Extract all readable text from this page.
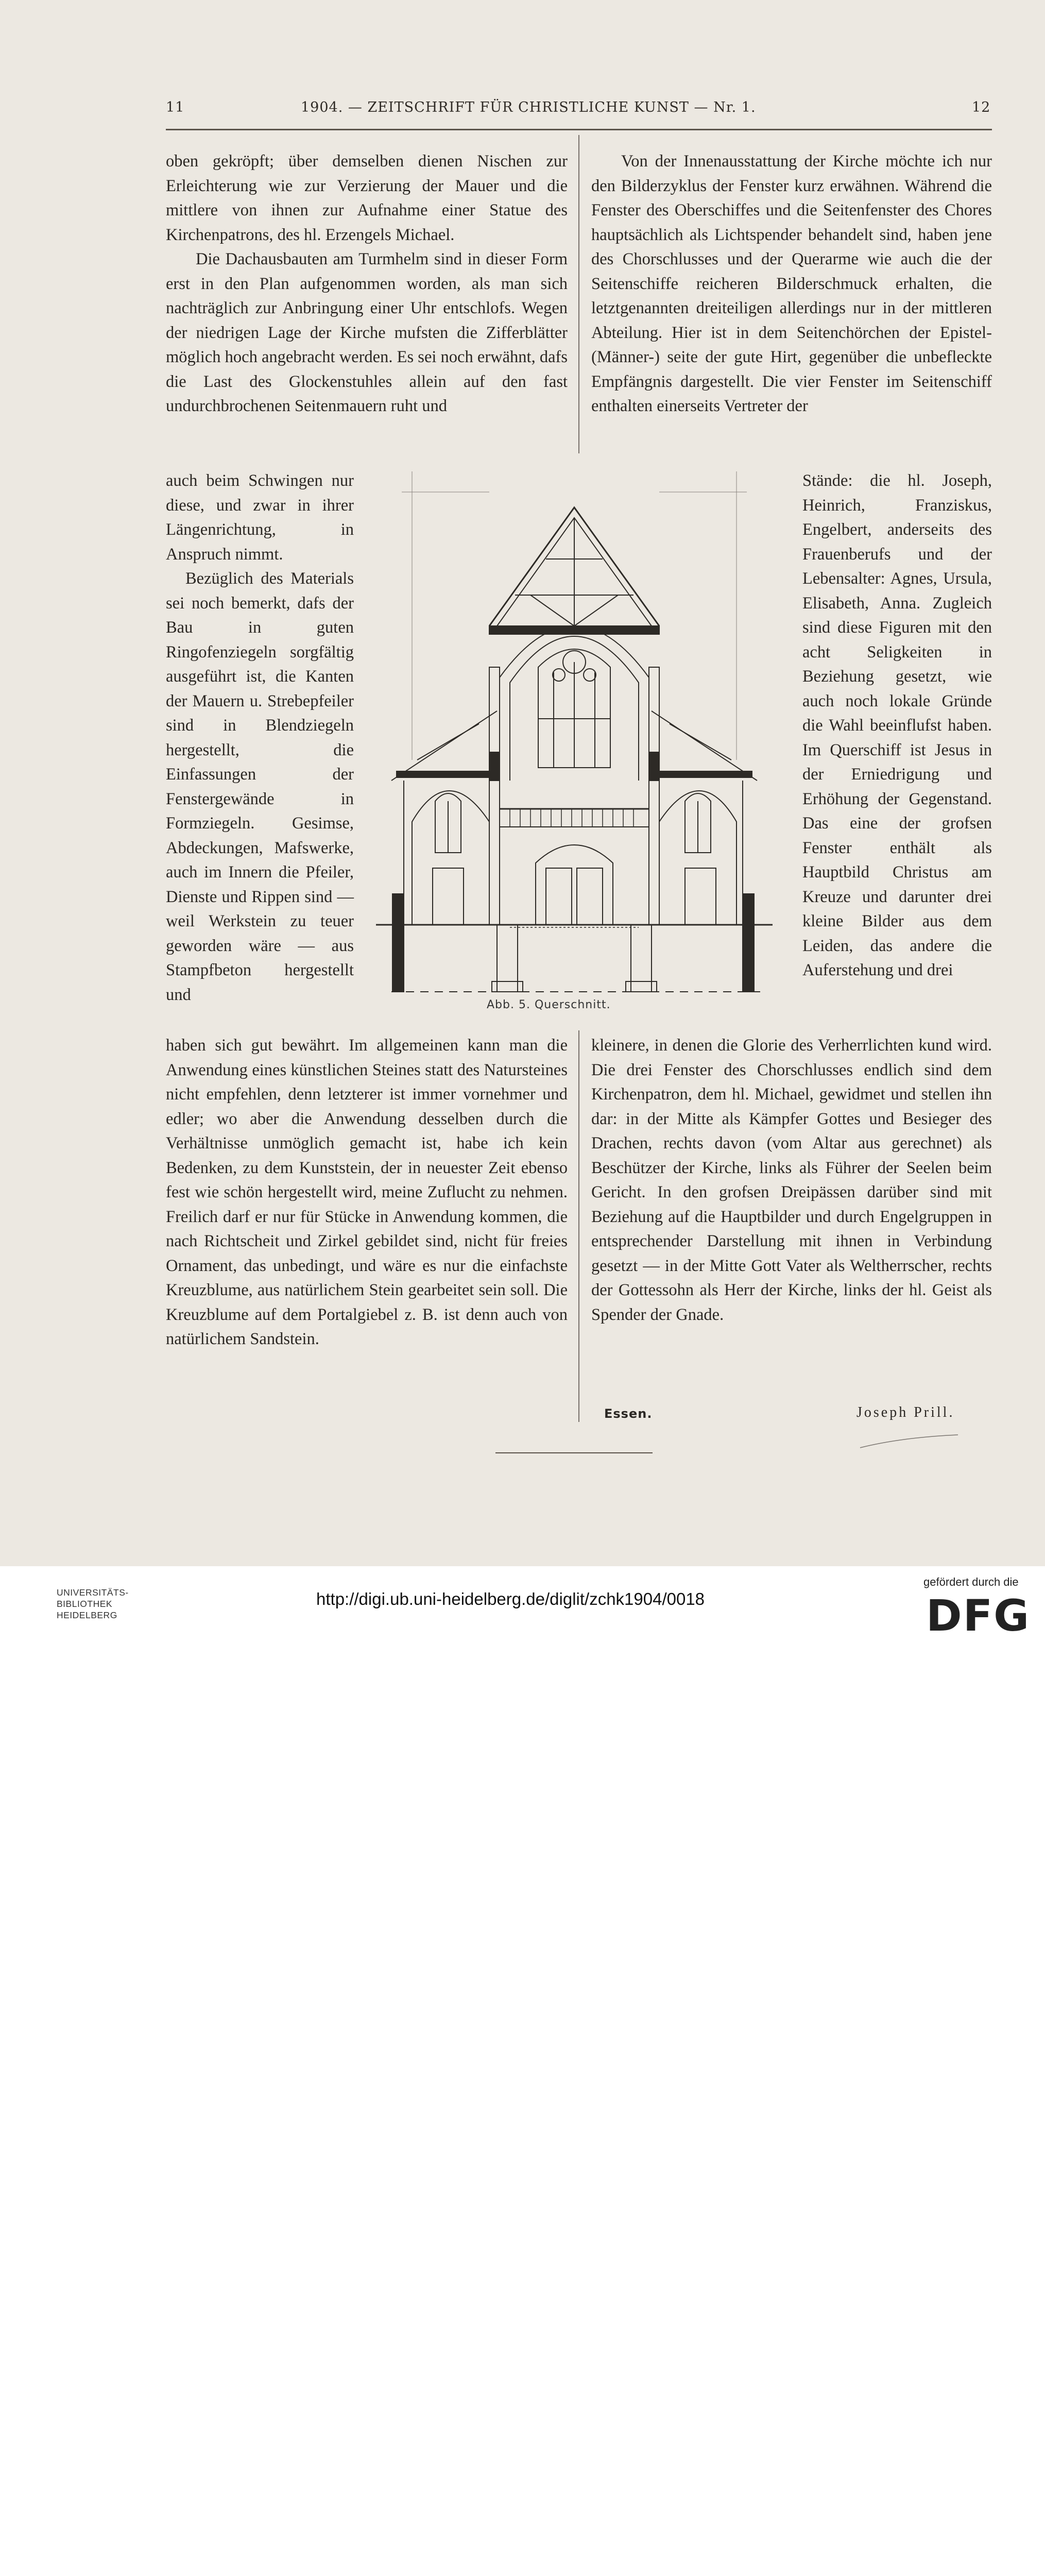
11	1904. — ZEITSCHRIFT FÜR CHRISTLICHE KUNST — Nr. 1.	12

oben gekröpft; über demselben dienen Nischen zur Erleichterung wie zur Verzierung der Mauer und die mittlere von ihnen zur Aufnahme einer Statue des Kirchenpatrons, des hl. Erzengels Michael.

Die Dachausbauten am Turmhelm sind in dieser Form erst in den Plan aufgenommen worden, als man sich nachträglich zur Anbringung einer Uhr entschlofs. Wegen der niedrigen Lage der Kirche mufsten die Zifferblätter möglich hoch angebracht werden. Es sei noch erwähnt, dafs die Last des Glockenstuhles allein auf den fast undurchbrochenen Seitenmauern ruht und

auch beim Schwingen nur diese, und zwar in ihrer Längenrichtung, in Anspruch nimmt.

Bezüglich des Materials sei noch bemerkt, dafs der Bau in guten Ringofenziegeln sorgfältig ausgeführt ist, die Kanten der Mauern u. Strebepfeiler sind in Blendziegeln hergestellt, die Einfassungen der Fenstergewände in Formziegeln. Gesimse, Abdeckungen, Mafswerke, auch im Innern die Pfeiler, Dienste und Rippen sind — weil Werkstein zu teuer geworden wäre — aus Stampfbeton hergestellt und

haben sich gut bewährt. Im allgemeinen kann man die Anwendung eines künstlichen Steines statt des Natursteines nicht empfehlen, denn letzterer ist immer vornehmer und edler; wo aber die Anwendung desselben durch die Verhältnisse unmöglich gemacht ist, habe ich kein Bedenken, zu dem Kunststein, der in neuester Zeit ebenso fest wie schön hergestellt wird, meine Zuflucht zu nehmen. Freilich darf er nur für Stücke in Anwendung kommen, die nach Richtscheit und Zirkel gebildet sind, nicht für freies Ornament, das unbedingt, und wäre es nur die einfachste Kreuzblume, aus natürlichem Stein gearbeitet sein soll. Die Kreuzblume auf dem Portalgiebel z. B. ist denn auch von natürlichem Sandstein.

Von der Innenausstattung der Kirche möchte ich nur den Bilderzyklus der Fenster kurz erwähnen. Während die Fenster des Oberschiffes und die Seitenfenster des Chores hauptsächlich als Lichtspender behandelt sind, haben jene des Chorschlusses und der Querarme wie auch die der Seitenschiffe reicheren Bilderschmuck erhalten, die letztgenannten dreiteiligen allerdings nur in der mittleren Abteilung. Hier ist in dem Seitenchörchen der Epistel- (Männer-) seite der gute Hirt, gegenüber die unbefleckte Empfängnis dargestellt. Die vier Fenster im Seitenschiff enthalten einerseits Vertreter der

Stände: die hl. Joseph, Heinrich, Franziskus, Engelbert, anderseits des Frauenberufs und der Lebensalter: Agnes, Ursula, Elisabeth, Anna. Zugleich sind diese Figuren mit den acht Seligkeiten in Beziehung gesetzt, wie auch noch lokale Gründe die Wahl beeinflufst haben. Im Querschiff ist Jesus in der Erniedrigung und Erhöhung der Gegenstand. Das eine der grofsen Fenster enthält als Hauptbild Christus am Kreuze und darunter drei kleine Bilder aus dem Leiden, das andere die Auferstehung und drei

kleinere, in denen die Glorie des Verherrlichten kund wird. Die drei Fenster des Chorschlusses endlich sind dem Kirchenpatron, dem hl. Michael, gewidmet und stellen ihn dar: in der Mitte als Kämpfer Gottes und Besieger des Drachen, rechts davon (vom Altar aus gerechnet) als Beschützer der Kirche, links als Führer der Seelen beim Gericht. In den grofsen Dreipässen darüber sind mit Beziehung auf die Hauptbilder und durch Engelgruppen in entsprechender Darstellung mit ihnen in Verbindung gesetzt — in der Mitte Gott Vater als Weltherrscher, rechts der Gottessohn als Herr der Kirche, links der hl. Geist als Spender der Gnade.

Essen.	Joseph Prill.
Abb. 5. Querschnitt.
UNIVERSITÄTS-
BIBLIOTHEK
HEIDELBERG
http://digi.ub.uni-heidelberg.de/diglit/zchk1904/0018
gefördert durch die
DFG
